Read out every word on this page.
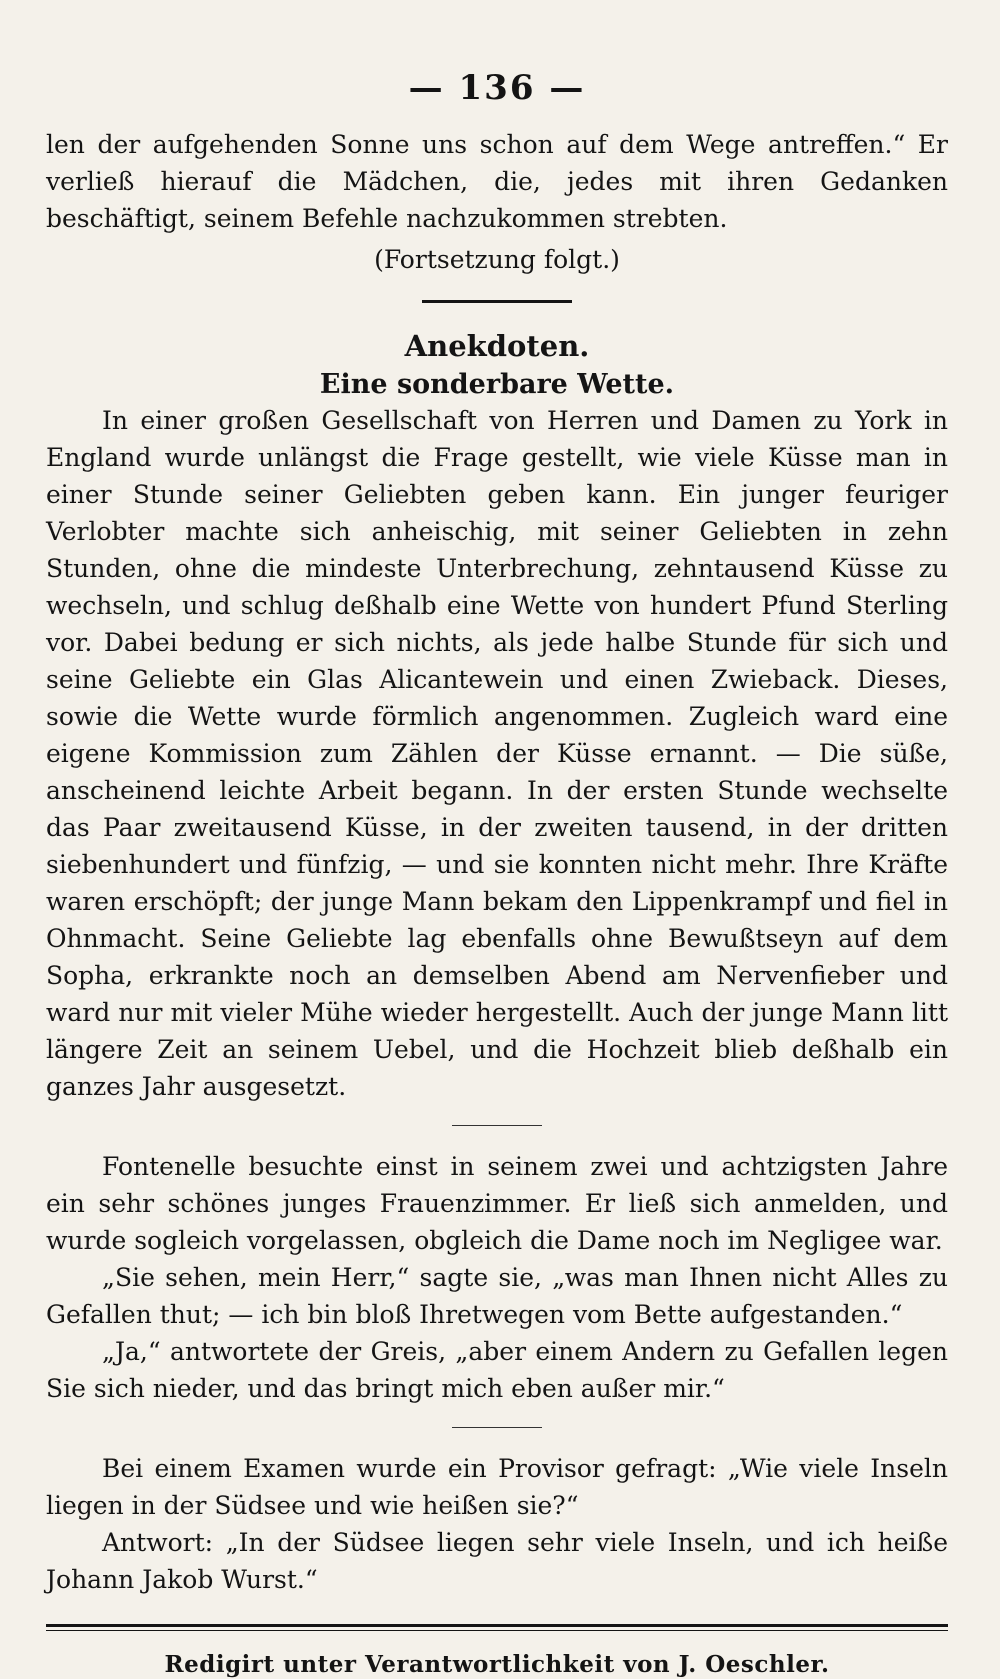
— 136 —

len der aufgehenden Sonne uns schon auf dem Wege antreffen.“ Er verließ hierauf die Mädchen, die, jedes mit ihren Gedanken beschäftigt, seinem Befehle nachzukommen strebten.

(Fortsetzung folgt.)

Anekdoten.
Eine sonderbare Wette.

In einer großen Gesellschaft von Herren und Damen zu York in England wurde unlängst die Frage gestellt, wie viele Küsse man in einer Stunde seiner Geliebten geben kann. Ein junger feuriger Verlobter machte sich anheischig, mit seiner Geliebten in zehn Stunden, ohne die mindeste Unterbrechung, zehntausend Küsse zu wechseln, und schlug deßhalb eine Wette von hundert Pfund Sterling vor. Dabei bedung er sich nichts, als jede halbe Stunde für sich und seine Geliebte ein Glas Alicantewein und einen Zwieback. Dieses, sowie die Wette wurde förmlich angenommen. Zugleich ward eine eigene Kommission zum Zählen der Küsse ernannt. — Die süße, anscheinend leichte Arbeit begann. In der ersten Stunde wechselte das Paar zweitausend Küsse, in der zweiten tausend, in der dritten siebenhundert und fünfzig, — und sie konnten nicht mehr. Ihre Kräfte waren erschöpft; der junge Mann bekam den Lippenkrampf und fiel in Ohnmacht. Seine Geliebte lag ebenfalls ohne Bewußtseyn auf dem Sopha, erkrankte noch an demselben Abend am Nervenfieber und ward nur mit vieler Mühe wieder hergestellt. Auch der junge Mann litt längere Zeit an seinem Uebel, und die Hochzeit blieb deßhalb ein ganzes Jahr ausgesetzt.

Fontenelle besuchte einst in seinem zwei und achtzigsten Jahre ein sehr schönes junges Frauenzimmer. Er ließ sich anmelden, und wurde sogleich vorgelassen, obgleich die Dame noch im Negligee war.

„Sie sehen, mein Herr,“ sagte sie, „was man Ihnen nicht Alles zu Gefallen thut; — ich bin bloß Ihretwegen vom Bette aufgestanden.“

„Ja,“ antwortete der Greis, „aber einem Andern zu Gefallen legen Sie sich nieder, und das bringt mich eben außer mir.“

Bei einem Examen wurde ein Provisor gefragt: „Wie viele Inseln liegen in der Südsee und wie heißen sie?“

Antwort: „In der Südsee liegen sehr viele Inseln, und ich heiße Johann Jakob Wurst.“

Redigirt unter Verantwortlichkeit von J. Oeschler.
